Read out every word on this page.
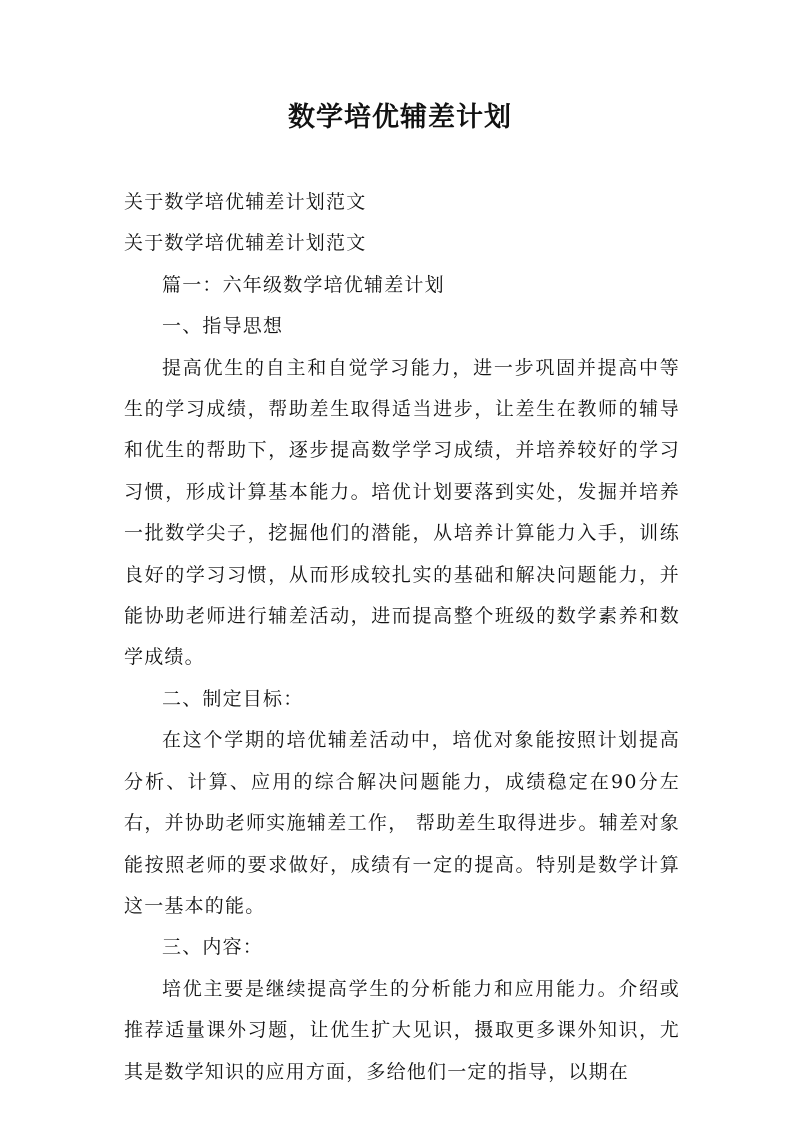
数学培优辅差计划
关于数学培优辅差计划范文
关于数学培优辅差计划范文
篇一：六年级数学培优辅差计划
一、指导思想
提高优生的自主和自觉学习能力，进一步巩固并提高中等生的学习成绩，帮助差生取得适当进步，让差生在教师的辅导和优生的帮助下，逐步提高数学学习成绩，并培养较好的学习习惯，形成计算基本能力。培优计划要落到实处，发掘并培养一批数学尖子，挖掘他们的潜能，从培养计算能力入手，训练良好的学习习惯，从而形成较扎实的基础和解决问题能力，并能协助老师进行辅差活动，进而提高整个班级的数学素养和数学成绩。
二、制定目标：
在这个学期的培优辅差活动中，培优对象能按照计划提高分析、计算、应用的综合解决问题能力，成绩稳定在90分左右，并协助老师实施辅差工作， 帮助差生取得进步。辅差对象能按照老师的要求做好，成绩有一定的提高。特别是数学计算这一基本的能。
三、内容：
培优主要是继续提高学生的分析能力和应用能力。介绍或推荐适量课外习题，让优生扩大见识，摄取更多课外知识，尤其是数学知识的应用方面，多给他们一定的指导，以期在
